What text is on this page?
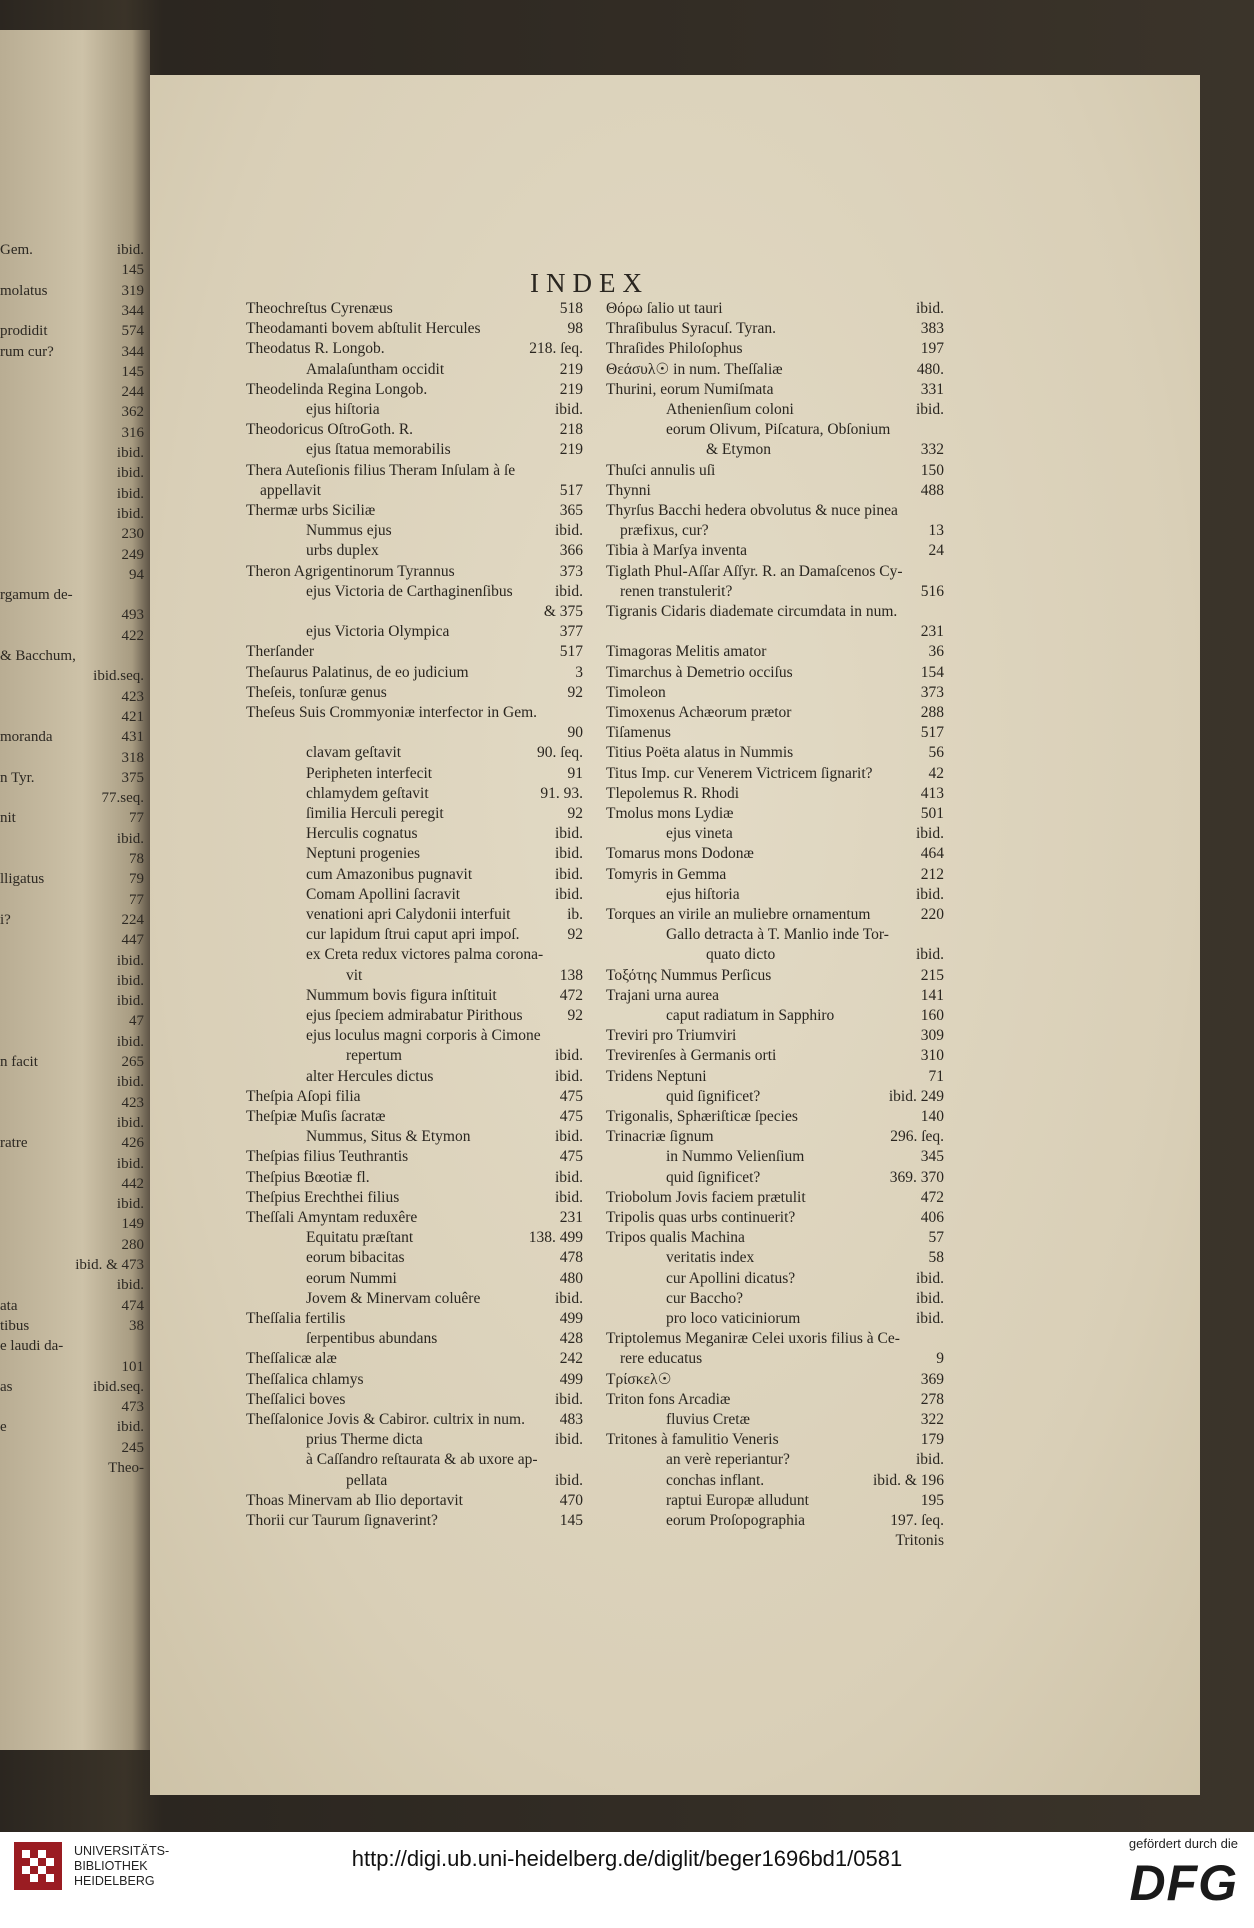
Gem.	ibid.
145
molatus	319
344
prodidit	574
rum cur?	344
145
244
362
316
ibid.
ibid.
ibid.
ibid.
230
249
94
rgamum de-
493
422
& Bacchum,
ibid.seq.
423
421
moranda	431
318
n Tyr.	375
77.seq.
nit	77
ibid.
78
lligatus	79
77
i?	224
447
ibid.
ibid.
ibid.
47
ibid.
n facit	265
ibid.
423
ibid.
ratre	426
ibid.
442
ibid.
149
280
ibid. & 473
ibid.
ata	474
tibus	38
e laudi da-
101
as	ibid.seq.
473
e	ibid.
245
Theo-
INDEX
Theochreſtus Cyrenæus	518
Theodamanti bovem abſtulit Hercules	98
Theodatus R. Longob.	218. ſeq.
Amalaſuntham occidit	219
Theodelinda Regina Longob.	219
ejus hiſtoria	ibid.
Theodoricus OſtroGoth. R.	218
ejus ſtatua memorabilis	219
Thera Auteſionis filius Theram Inſulam à ſe
appellavit	517
Thermæ urbs Siciliæ	365
Nummus ejus	ibid.
urbs duplex	366
Theron Agrigentinorum Tyrannus	373
ejus Victoria de Carthaginenſibus	ibid.
& 375
ejus Victoria Olympica	377
Therſander	517
Theſaurus Palatinus, de eo judicium	3
Theſeis, tonſuræ genus	92
Theſeus Suis Crommyoniæ interfector in Gem.
90
clavam geſtavit	90. ſeq.
Peripheten interfecit	91
chlamydem geſtavit	91. 93.
ſimilia Herculi peregit	92
Herculis cognatus	ibid.
Neptuni progenies	ibid.
cum Amazonibus pugnavit	ibid.
Comam Apollini ſacravit	ibid.
venationi apri Calydonii interfuit	ib.
cur lapidum ſtrui caput apri impoſ.	92
ex Creta redux victores palma corona-
vit	138
Nummum bovis figura inſtituit	472
ejus ſpeciem admirabatur Pirithous	92
ejus loculus magni corporis à Cimone
repertum	ibid.
alter Hercules dictus	ibid.
Theſpia Aſopi filia	475
Theſpiæ Muſis ſacratæ	475
Nummus, Situs & Etymon	ibid.
Theſpias filius Teuthrantis	475
Theſpius Bœotiæ fl.	ibid.
Theſpius Erechthei filius	ibid.
Theſſali Amyntam reduxêre	231
Equitatu præſtant	138. 499
eorum bibacitas	478
eorum Nummi	480
Jovem & Minervam coluêre	ibid.
Theſſalia fertilis	499
ſerpentibus abundans	428
Theſſalicæ alæ	242
Theſſalica chlamys	499
Theſſalici boves	ibid.
Theſſalonice Jovis & Cabiror. cultrix in num. 483
prius Therme dicta	ibid.
à Caſſandro reſtaurata & ab uxore ap-
pellata	ibid.
Thoas Minervam ab Ilio deportavit	470
Thorii cur Taurum ſignaverint?	145
Θόρω ſalio ut tauri	ibid.
Thraſibulus Syracuſ. Tyran.	383
Thraſides Philoſophus	197
Θεάσυλ☉ in num. Theſſaliæ	480.
Thurini, eorum Numiſmata	331
Athenienſium coloni	ibid.
eorum Olivum, Piſcatura, Obſonium
& Etymon	332
Thuſci annulis uſi	150
Thynni	488
Thyrſus Bacchi hedera obvolutus & nuce pinea
præfixus, cur?	13
Tibia à Marſya inventa	24
Tiglath Phul-Aſſar Aſſyr. R. an Damaſcenos Cy-
renen transtulerit?	516
Tigranis Cidaris diademate circumdata in num.
231
Timagoras Melitis amator	36
Timarchus à Demetrio occiſus	154
Timoleon	373
Timoxenus Achæorum prætor	288
Tiſamenus	517
Titius Poëta alatus in Nummis	56
Titus Imp. cur Venerem Victricem ſignarit?	42
Tlepolemus R. Rhodi	413
Tmolus mons Lydiæ	501
ejus vineta	ibid.
Tomarus mons Dodonæ	464
Tomyris in Gemma	212
ejus hiſtoria	ibid.
Torques an virile an muliebre ornamentum	220
Gallo detracta à T. Manlio inde Tor-
quato dicto	ibid.
Τοξότης Nummus Perſicus	215
Trajani urna aurea	141
caput radiatum in Sapphiro	160
Treviri pro Triumviri	309
Trevirenſes à Germanis orti	310
Tridens Neptuni	71
quid ſignificet?	ibid. 249
Trigonalis, Sphæriſticæ ſpecies	140
Trinacriæ ſignum	296. ſeq.
in Nummo Velienſium	345
quid ſignificet?	369. 370
Triobolum Jovis faciem prætulit	472
Tripolis quas urbs continuerit?	406
Tripos qualis Machina	57
veritatis index	58
cur Apollini dicatus?	ibid.
cur Baccho?	ibid.
pro loco vaticiniorum	ibid.
Triptolemus Meganiræ Celei uxoris filius à Ce-
rere educatus	9
Τρίσκελ☉	369
Triton fons Arcadiæ	278
fluvius Cretæ	322
Tritones à famulitio Veneris	179
an verè reperiantur?	ibid.
conchas inflant.	ibid. & 196
raptui Europæ alludunt	195
eorum Proſopographia	197. ſeq.
Tritonis
UNIVERSITÄTS-
BIBLIOTHEK
HEIDELBERG
http://digi.ub.uni-heidelberg.de/diglit/beger1696bd1/0581
gefördert durch die
DFG
